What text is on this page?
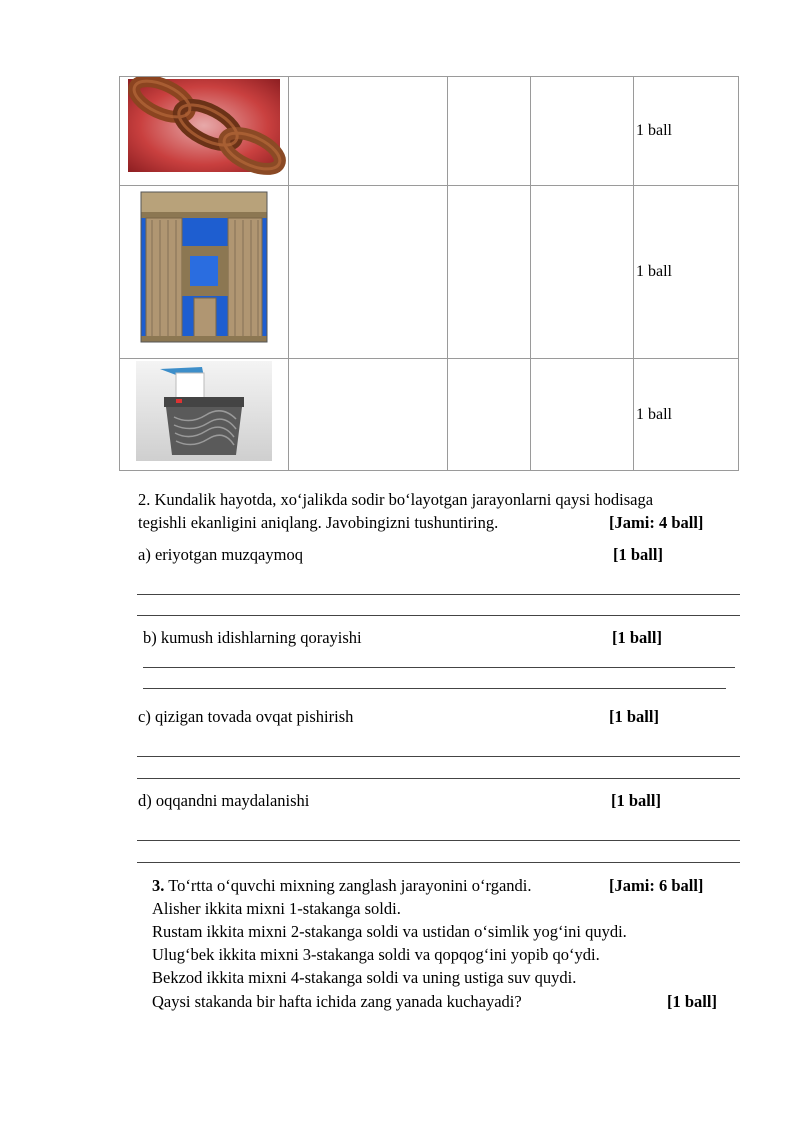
				1 ball

				1 ball

				1 ball
2. Kundalik hayotda, xo‘jalikda sodir bo‘layotgan jarayonlarni qaysi hodisaga
tegishli ekanligini aniqlang. Javobingizni tushuntiring.	[Jami: 4 ball]
a) eriyotgan muzqaymoq	[1 ball]
b) kumush idishlarning qorayishi	[1 ball]
c) qizigan tovada ovqat pishirish	[1 ball]
d) oqqandni maydalanishi	[1 ball]
3. To‘rtta o‘quvchi mixning zanglash jarayonini o‘rgandi.	[Jami: 6 ball]
Alisher ikkita mixni 1-stakanga soldi.
Rustam ikkita mixni 2-stakanga soldi va ustidan o‘simlik yog‘ini quydi.
Ulug‘bek ikkita mixni 3-stakanga soldi va qopqog‘ini yopib qo‘ydi.
Bekzod ikkita mixni 4-stakanga soldi va uning ustiga suv quydi.
Qaysi stakanda bir hafta ichida zang yanada kuchayadi?	[1 ball]
